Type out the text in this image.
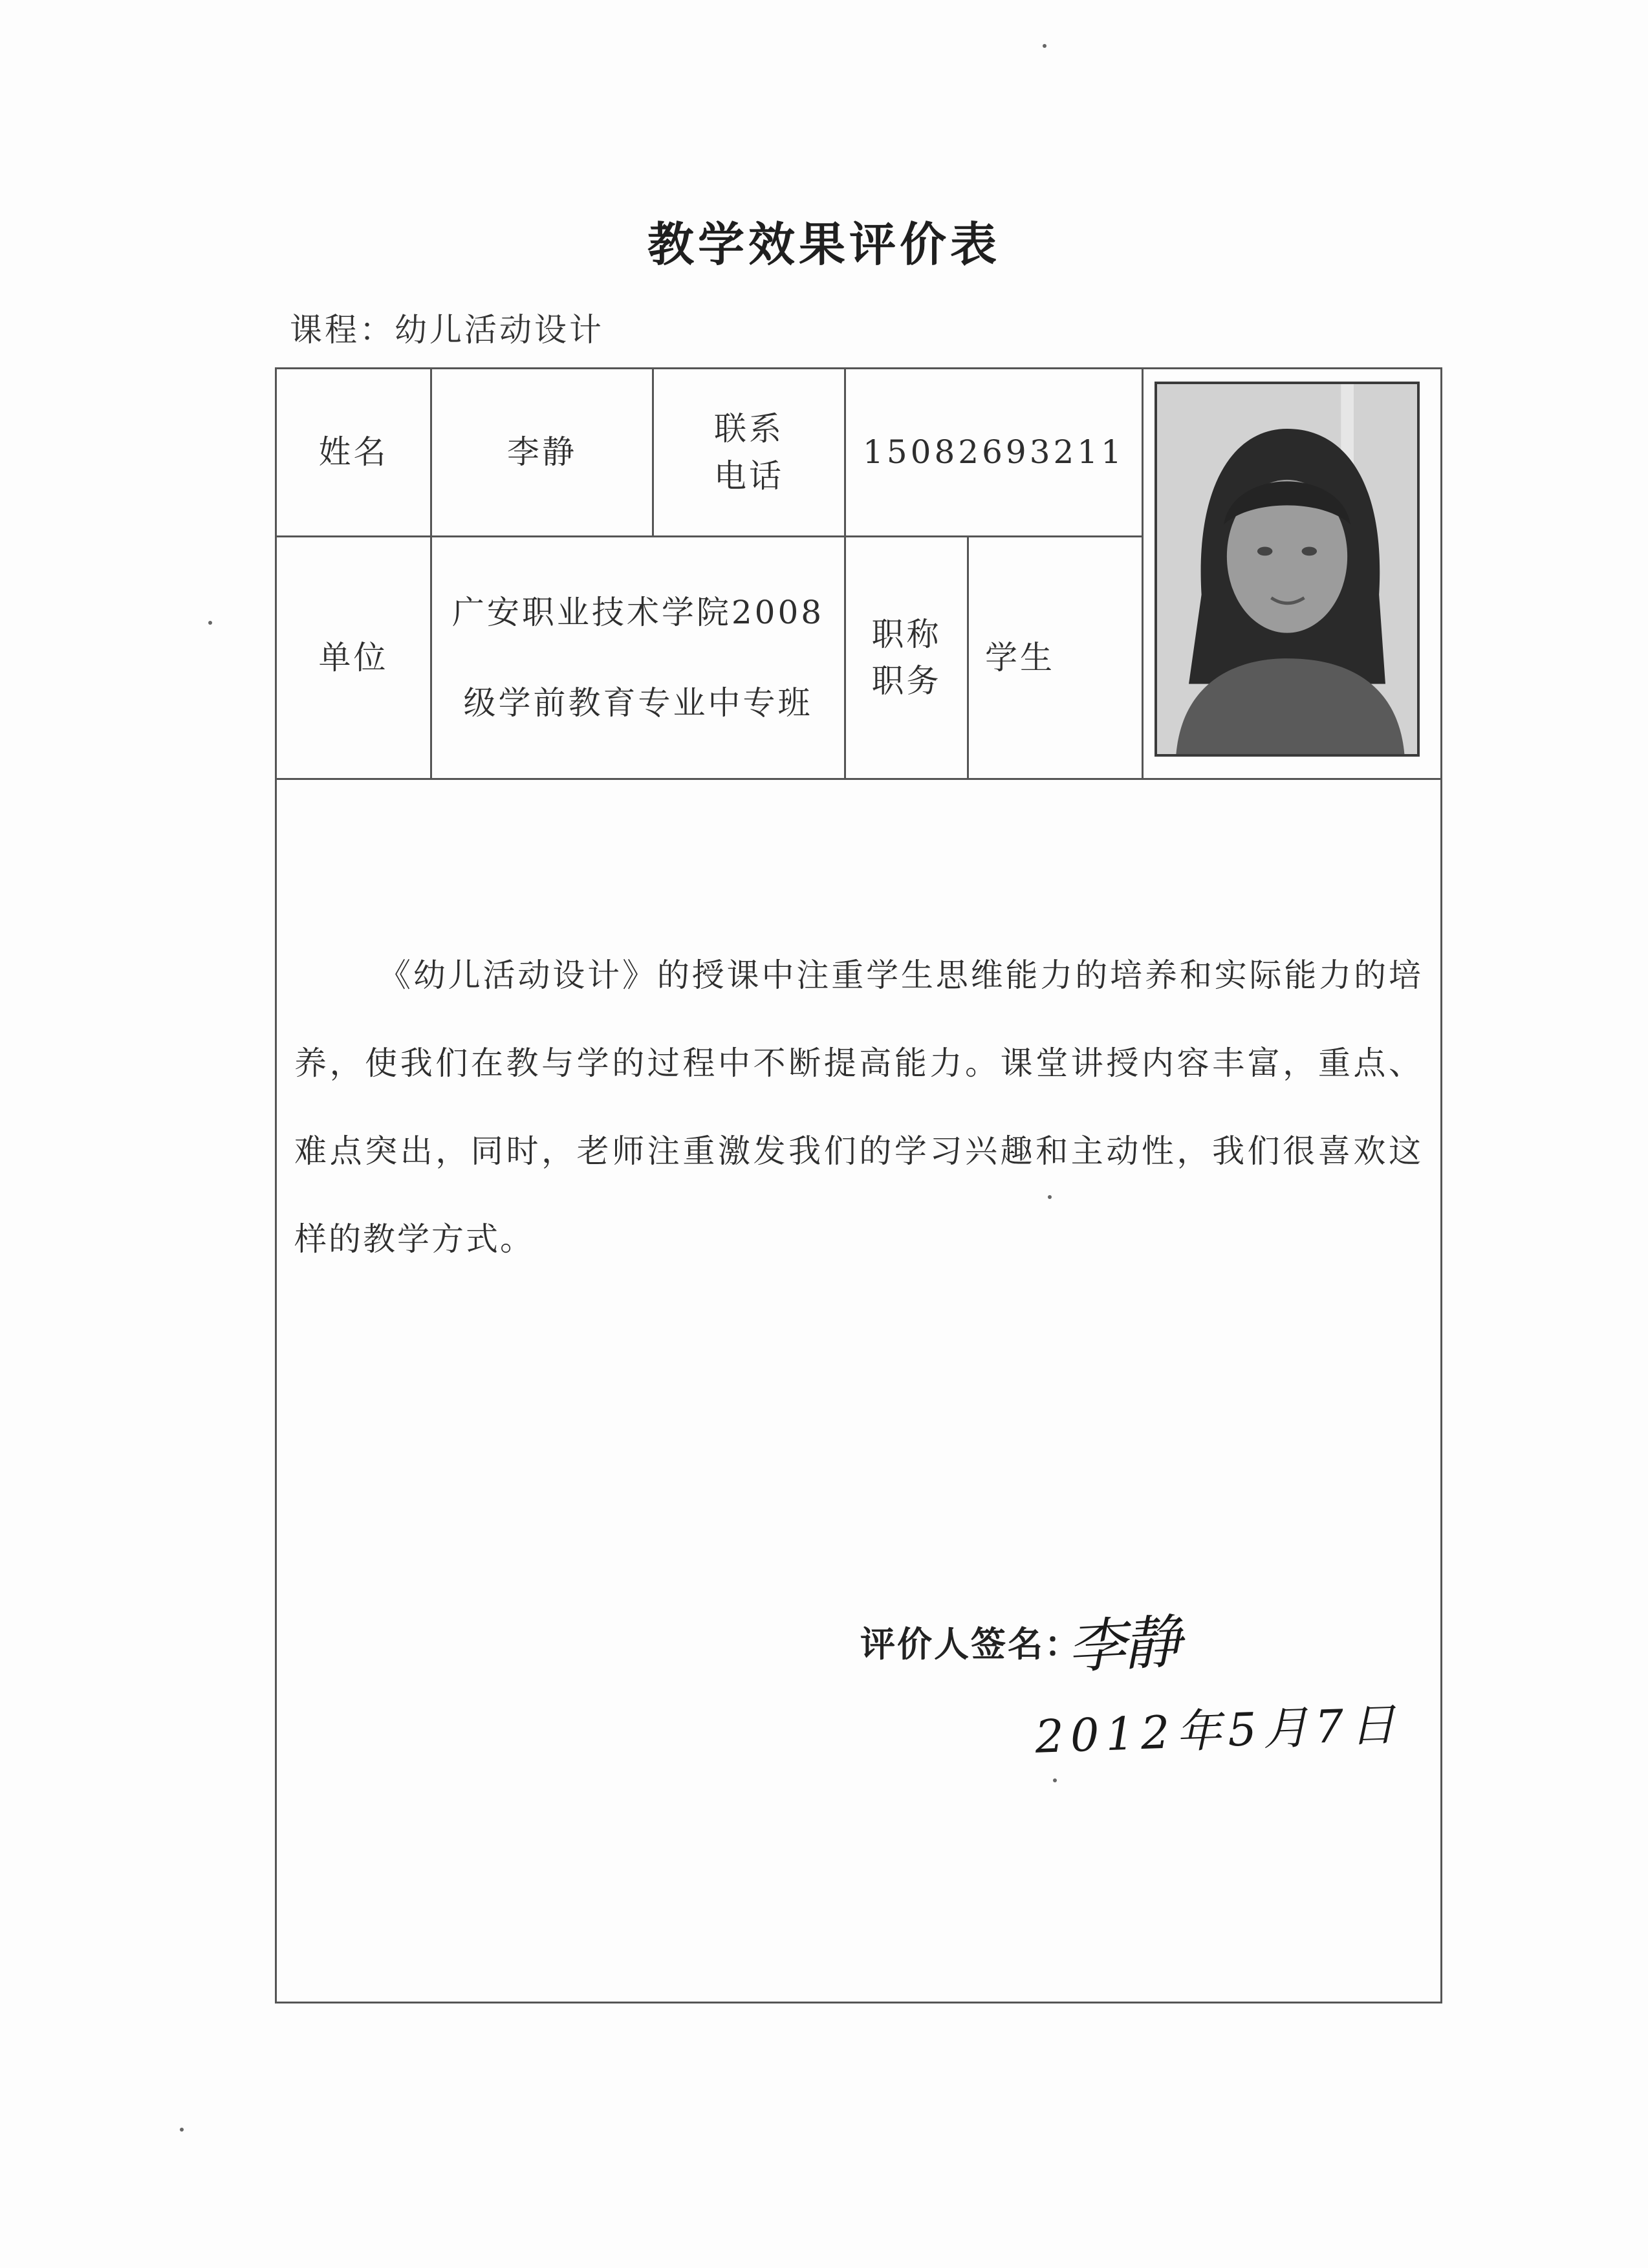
教学效果评价表
课程：幼儿活动设计
姓名	李静
联系
电话
15082693211
单位
广安职业技术学院2008
级学前教育专业中专班
职称
职务
学生
《幼儿活动设计》的授课中注重学生思维能力的培养和实际能力的培养，使我们在教与学的过程中不断提高能力。课堂讲授内容丰富，重点、难点突出，同时，老师注重激发我们的学习兴趣和主动性，我们很喜欢这样的教学方式。
评价人签名：
李静
2012年5月7日
